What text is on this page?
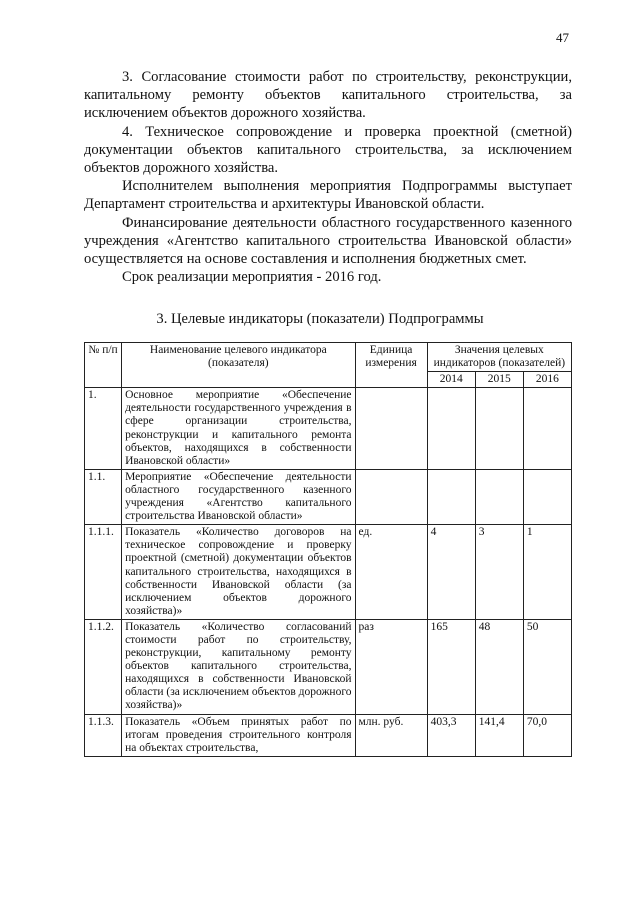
47

3. Согласование стоимости работ по строительству, реконструкции, капитальному ремонту объектов капитального строительства, за исключением объектов дорожного хозяйства.

4. Техническое сопровождение и проверка проектной (сметной) документации объектов капитального строительства, за исключением объектов дорожного хозяйства.

Исполнителем выполнения мероприятия Подпрограммы выступает Департамент строительства и архитектуры Ивановской области.

Финансирование деятельности областного государственного казенного учреждения «Агентство капитального строительства Ивановской области» осуществляется на основе составления и исполнения бюджетных смет.

Срок реализации мероприятия - 2016 год.

3. Целевые индикаторы (показатели) Подпрограммы
№ п/п	Наименование целевого индикатора (показателя)	Единица измерения	Значения целевых индикаторов (показателей)		
			2014	2015	2016
1.	Основное мероприятие «Обеспечение деятельности государственного учреждения в сфере организации строительства, реконструкции и капитального ремонта объектов, находящихся в собственности Ивановской области»				
1.1.	Мероприятие «Обеспечение деятельности областного государственного казенного учреждения «Агентство капитального строительства Ивановской области»				
1.1.1.	Показатель «Количество договоров на техническое сопровождение и проверку проектной (сметной) документации объектов капитального строительства, находящихся в собственности Ивановской области (за исключением объектов дорожного хозяйства)»	ед.	4	3	1
1.1.2.	Показатель «Количество согласований стоимости работ по строительству, реконструкции, капитальному ремонту объектов капитального строительства, находящихся в собственности Ивановской области (за исключением объектов дорожного хозяйства)»	раз	165	48	50
1.1.3.	Показатель «Объем принятых работ по итогам проведения строительного контроля на объектах строительства,	млн. руб.	403,3	141,4	70,0
